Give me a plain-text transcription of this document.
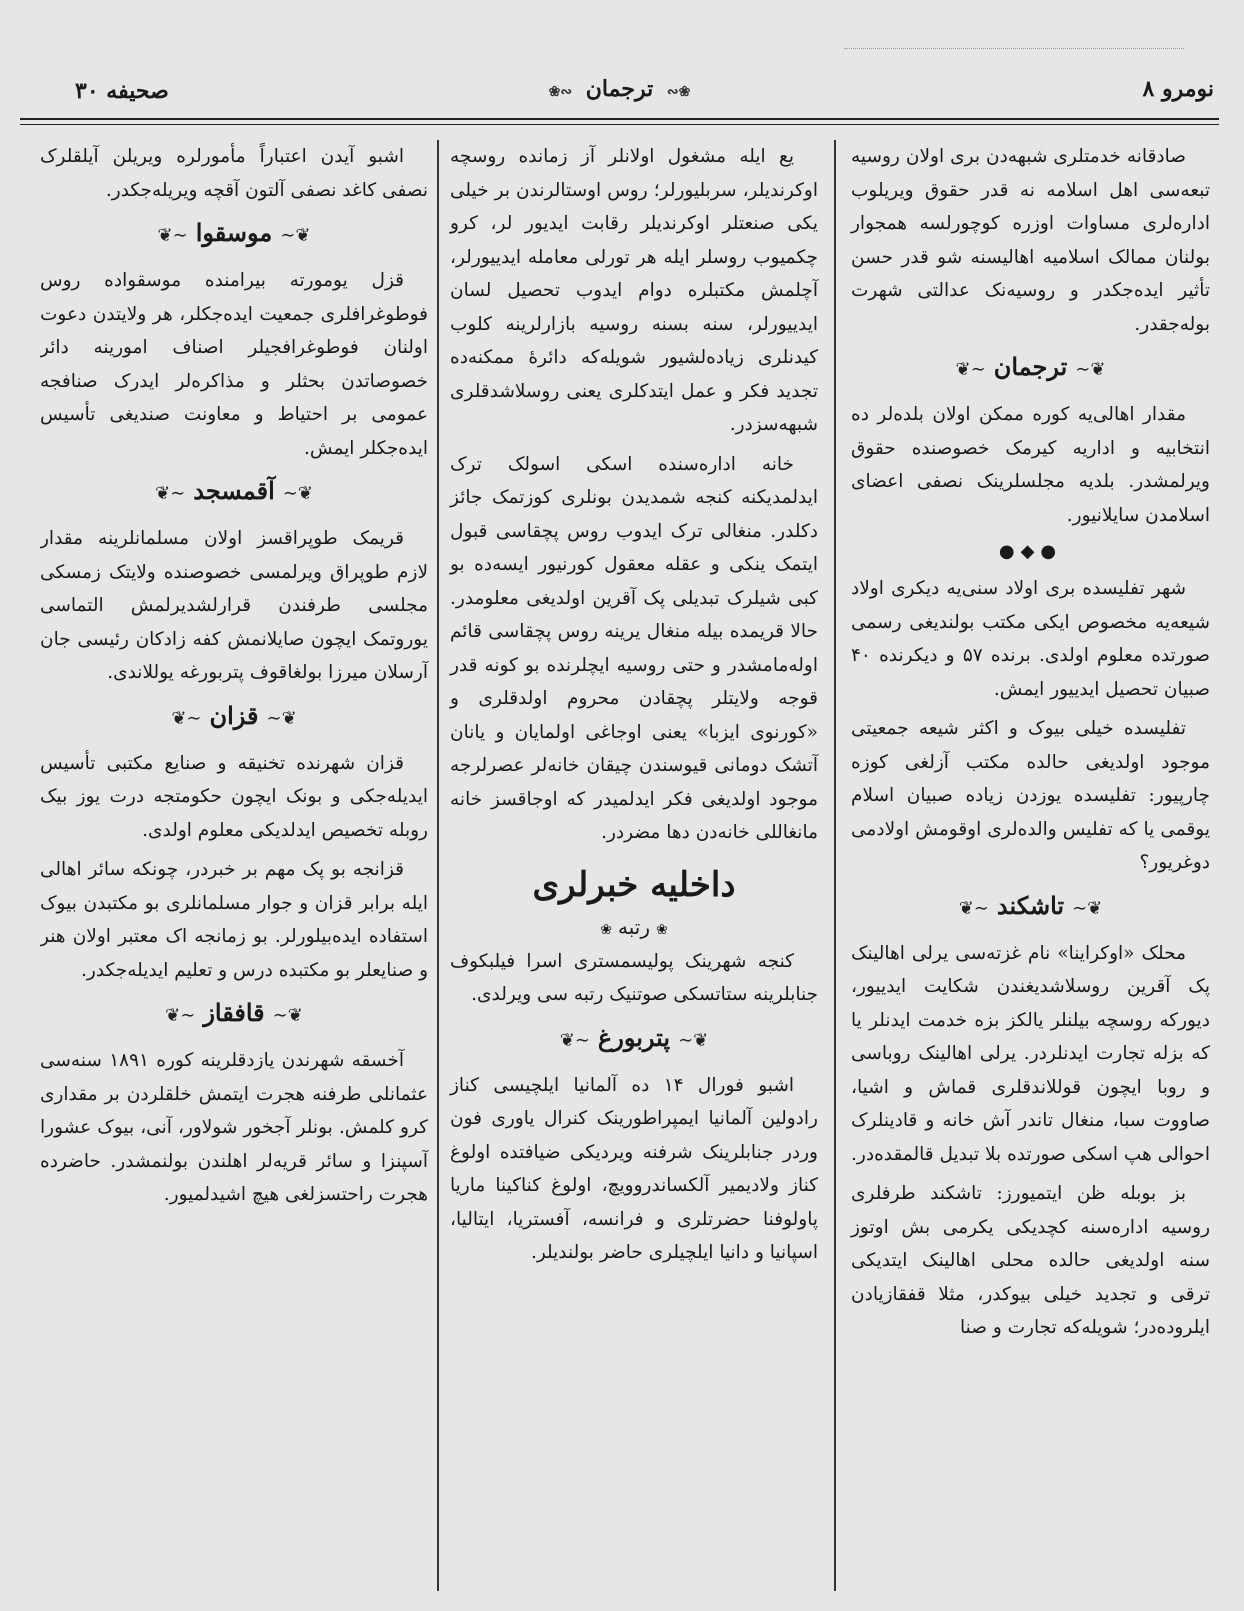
صحیفه ۳۰	❀∾ ترجمان ∾❀	نومرو ۸

صادقانه خدمتلری شبهه‌دن بری اولان روسیه تبعه‌سی اهل اسلامه نه قدر حقوق ویریلوب اداره‌لری مساوات اوزره کوچورلسه همجوار بولنان ممالک اسلامیه اهالیسنه شو قدر حسن تأثیر ایده‌جکدر و روسیه‌نک عدالتی شهرت بوله‌جقدر.

❦∽ترجمان∽❦

مقدار اهالی‌یه کوره ممکن اولان بلده‌لر ده انتخابیه و اداریه کیرمک خصوصنده حقوق ویرلمشدر. بلدیه مجلسلرینک نصفی اعضای اسلامدن سایلانیور.

●◆●

شهر تفلیسده بری اولاد سنی‌یه دیکری اولاد شیعه‌یه مخصوص ایکی مکتب بولندیغی رسمی صورتده معلوم اولدی. برنده ۵۷ و دیکرنده ۴۰ صبیان تحصیل ایدییور ایمش.

تفلیسده خیلی بیوک و اکثر شیعه جمعیتی موجود اولدیغی حالده مکتب آزلغی کوزه چارپیور: تفلیسده یوزدن زیاده صبیان اسلام یوقمی یا که تفلیس والده‌لری اوقومش اولادمی دوغریور؟

❦∽تاشکند∽❦

محلک «اوکراینا» نام غزته‌سی یرلی اهالینک پک آقرین روسلاشدیغندن شکایت ایدییور، دیورکه روسچه بیلنلر یالکز بزه خدمت ایدنلر یا که بزله تجارت ایدنلردر. یرلی اهالینک روباسی و روبا ایچون قوللاندقلری قماش و اشیا، صاووت سبا، منغال تاندر آش خانه و قادینلرک احوالی هپ اسکی صورتده بلا تبدیل قالمقده‌در.

بز بوبله ظن ایتمیورز: تاشکند طرفلری روسیه اداره‌سنه کچدیکی یکرمی بش اوتوز سنه اولدیغی حالده محلی اهالینک ایتدیکی ترقی و تجدید خیلی بیوکدر، مثلا قفقازیادن ایلروده‌در؛ شویله‌که تجارت و صنا

یع ایله مشغول اولانلر آز زمانده روسچه اوکرندیلر، سربلیورلر؛ روس اوستالرندن بر خیلی یکی صنعتلر اوکرندیلر رقابت ایدیور لر، کرو چکمیوب روسلر ایله هر تورلی معامله ایدییورلر، آچلمش مکتبلره دوام ایدوب تحصیل لسان ایدییورلر، سنه بسنه روسیه بازارلرینه کلوب کیدنلری زیاده‌لشیور شویله‌که دائرهٔ ممکنه‌ده تجدید فکر و عمل ایتدکلری یعنی روسلاشدقلری شبهه‌سزدر.

خانه اداره‌سنده اسکی اسولک ترک ایدلمدیکنه کنجه شمدیدن بونلری کوزتمک جائز دکلدر. منغالی ترک ایدوب روس پچقاسی قبول ایتمک ینکی و عقله معقول کورنیور ایسه‌ده بو کبی شیلرک تبدیلی پک آقرین اولدیغی معلومدر. حالا قریمده بیله منغال یرینه روس پچقاسی قائم اوله‌مامشدر و حتی روسیه ایچلرنده بو کونه قدر قوجه ولایتلر پچقادن محروم اولدقلری و «کورنوی ایزبا» یعنی اوجاغی اولمایان و یانان آتشک دومانی قیوسندن چیقان خانه‌لر عصرلرجه موجود اولدیغی فکر ایدلمیدر که اوجاقسز خانه مانغاللی خانه‌دن دها مضردر.

داخلیه خبرلری
❀رتبه❀

کنجه شهرینک پولیسمستری اسرا فیلبکوف جنابلرینه ستاتسکی صوتنیک رتبه سی ویرلدی.

❦∽پتربورغ∽❦

اشبو فورال ۱۴ ده آلمانیا ایلچیسی کناز رادولین آلمانیا ایمپراطورینک کنرال یاوری فون وردر جنابلرینک شرفنه ویردیکی ضیافتده اولوغ کناز ولادیمیر آلکساندروویچ، اولوغ کناکینا ماریا پاولوفنا حضرتلری و فرانسه، آفستریا، ایتالیا، اسپانیا و دانیا ایلچیلری حاضر بولندیلر.

اشبو آیدن اعتباراً مأمورلره ویریلن آیلقلرک نصفی کاغد نصفی آلتون آقچه ویریله‌جکدر.

❦∽موسقوا∽❦

قزل یومورته بیرامنده موسقواده روس فوطوغرافلری جمعیت ایده‌جکلر، هر ولایتدن دعوت اولنان فوطوغرافجیلر اصناف امورینه دائر خصوصاتدن بحثلر و مذاکره‌لر ایدرک صنافجه عمومی بر احتیاط و معاونت صندیغی تأسیس ایده‌جکلر ایمش.

❦∽آقمسجد∽❦

قریمک طوپراقسز اولان مسلمانلرینه مقدار لازم طوپراق ویرلمسی خصوصنده ولایتک زمسکی مجلسی طرفندن قرارلشدیرلمش التماسی یوروتمک ایچون صایلانمش کفه زادکان رئیسی جان آرسلان میرزا بولغاقوف پتربورغه یوللاندی.

❦∽قزان∽❦

قزان شهرنده تخنیقه و صنایع مکتبی تأسیس ایدیله‌جکی و بونک ایچون حکومتجه درت یوز بیک روبله تخصیص ایدلدیکی معلوم اولدی.

قزانجه بو پک مهم بر خبردر، چونکه سائر اهالی ایله برابر قزان و جوار مسلمانلری بو مکتبدن بیوک استفاده ایده‌بیلورلر. بو زمانجه اک معتبر اولان هنر و صنایعلر بو مکتبده درس و تعلیم ایدیله‌جکدر.

❦∽قافقاز∽❦

آخسقه شهرندن یازدقلرینه کوره ۱۸۹۱ سنه‌سی عثمانلی طرفنه هجرت ایتمش خلقلردن بر مقداری کرو کلمش. بونلر آجخور شولاور، آنی، بیوک عشورا آسپنزا و سائر قریه‌لر اهلندن بولنمشدر. حاضرده هجرت راحتسزلغی هیچ اشیدلمیور.
